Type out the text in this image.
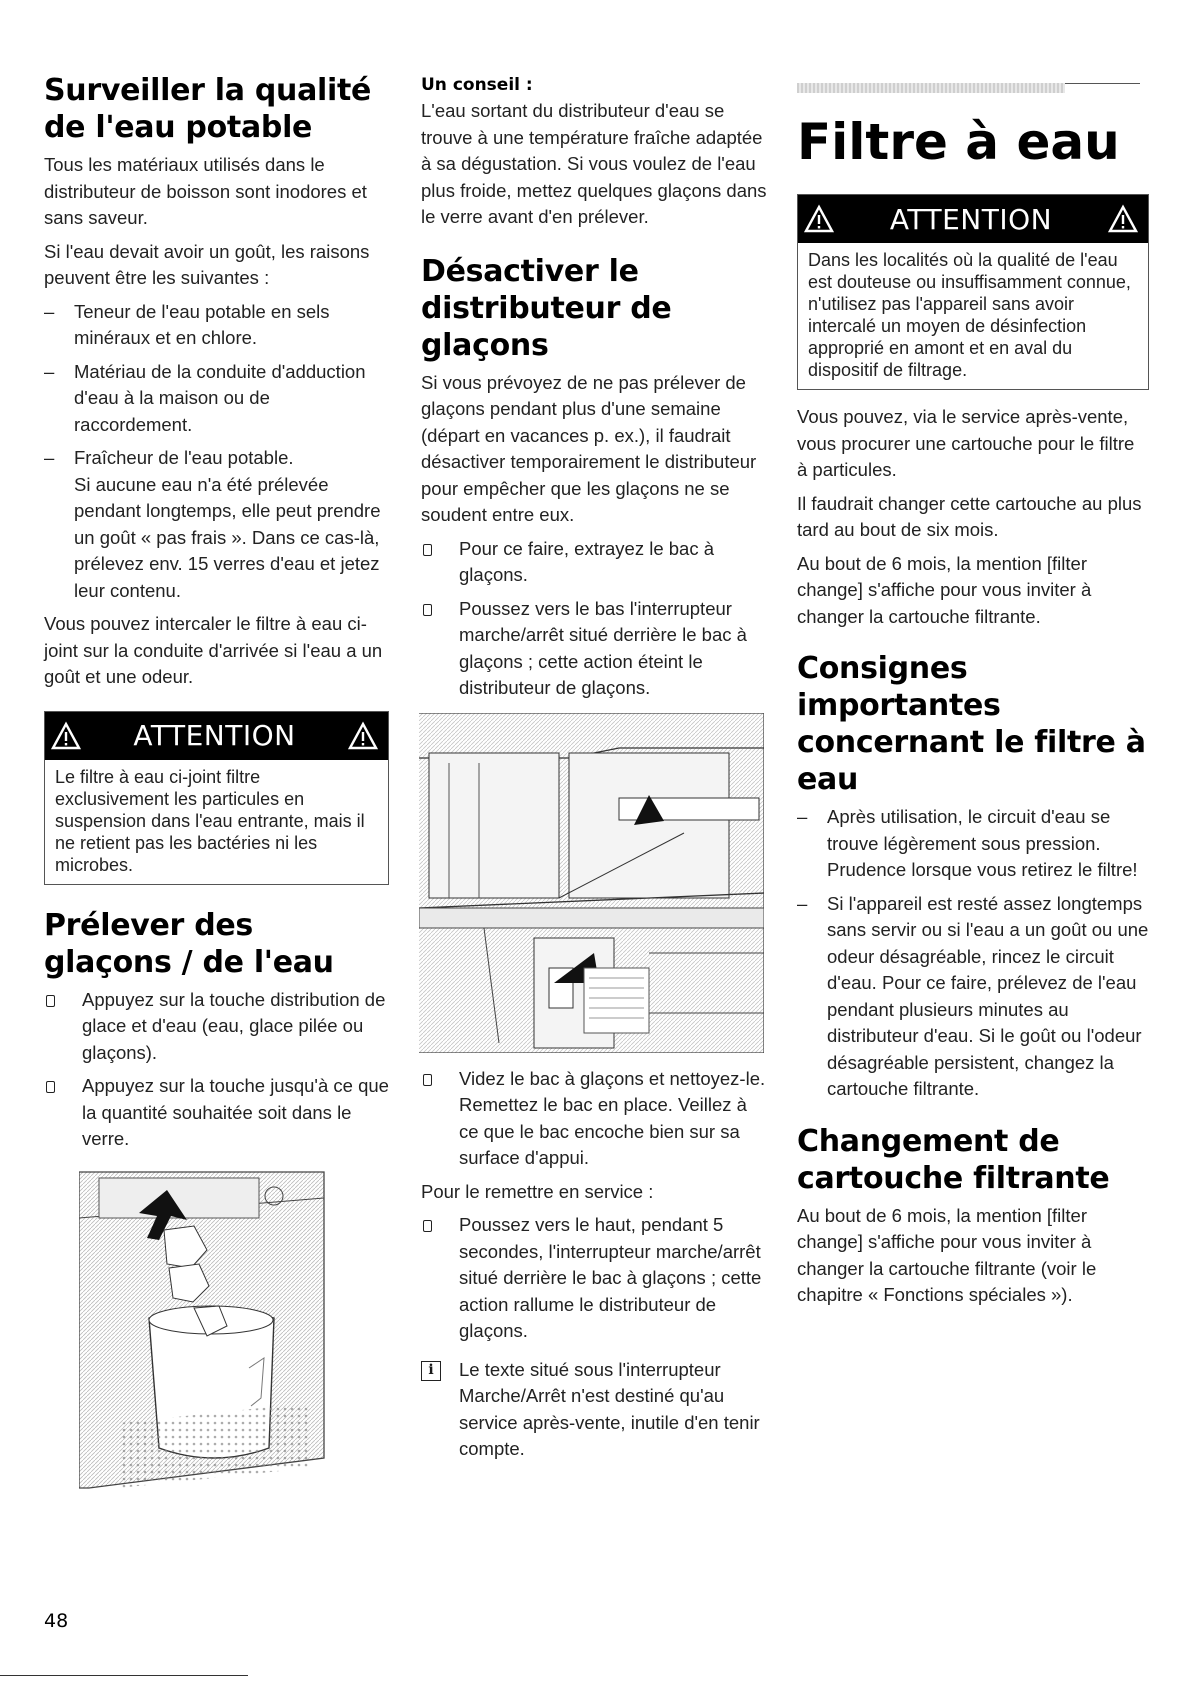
Surveiller la qualité de l'eau potable

Tous les matériaux utilisés dans le distributeur de boisson sont inodores et sans saveur.

Si l'eau devait avoir un goût, les raisons peuvent être les suivantes :

– Teneur de l'eau potable en sels minéraux et en chlore.
– Matériau de la conduite d'adduction d'eau à la maison ou de raccordement.
– Fraîcheur de l'eau potable.
Si aucune eau n'a été prélevée pendant longtemps, elle peut prendre un goût « pas frais ». Dans ce cas-là, prélevez env. 15 verres d'eau et jetez leur contenu.

Vous pouvez intercaler le filtre à eau ci-joint sur la conduite d'arrivée si l'eau a un goût et une odeur.

ATTENTION
Le filtre à eau ci-joint filtre exclusivement les particules en suspension dans l'eau entrante, mais il ne retient pas les bactéries ni les microbes.
Prélever des glaçons / de l'eau
Appuyez sur la touche distribution de glace et d'eau (eau, glace pilée ou glaçons).
Appuyez sur la touche jusqu'à ce que la quantité souhaitée soit dans le verre.
Un conseil :

L'eau sortant du distributeur d'eau se trouve à une température fraîche adaptée à sa dégustation. Si vous voulez de l'eau plus froide, mettez quelques glaçons dans le verre avant d'en prélever.

Désactiver le distributeur de glaçons

Si vous prévoyez de ne pas prélever de glaçons pendant plus d'une semaine (départ en vacances p. ex.), il faudrait désactiver temporairement le distributeur pour empêcher que les glaçons ne se soudent entre eux.

Pour ce faire, extrayez le bac à glaçons.
Poussez vers le bas l'interrupteur marche/arrêt situé derrière le bac à glaçons ; cette action éteint le distributeur de glaçons.
Videz le bac à glaçons et nettoyez-le. Remettez le bac en place. Veillez à ce que le bac encoche bien sur sa surface d'appui.

Pour le remettre en service :

Poussez vers le haut, pendant 5 secondes, l'interrupteur marche/arrêt situé derrière le bac à glaçons ; cette action rallume le distributeur de glaçons.
i	Le texte situé sous l'interrupteur Marche/Arrêt n'est destiné qu'au service après-vente, inutile d'en tenir compte.

Filtre à eau
ATTENTION
Dans les localités où la qualité de l'eau est douteuse ou insuffisamment connue, n'utilisez pas l'appareil sans avoir intercalé un moyen de désinfection approprié en amont et en aval du dispositif de filtrage.

Vous pouvez, via le service après-vente, vous procurer une cartouche pour le filtre à particules.

Il faudrait changer cette cartouche au plus tard au bout de six mois.

Au bout de 6 mois, la mention [filter change] s'affiche pour vous inviter à changer la cartouche filtrante.

Consignes importantes concernant le filtre à eau
– Après utilisation, le circuit d'eau se trouve légèrement sous pression. Prudence lorsque vous retirez le filtre!
– Si l'appareil est resté assez longtemps sans servir ou si l'eau a un goût ou une odeur désagréable, rincez le circuit d'eau. Pour ce faire, prélevez de l'eau pendant plusieurs minutes au distributeur d'eau. Si le goût ou l'odeur désagréable persistent, changez la cartouche filtrante.
Changement de cartouche filtrante

Au bout de 6 mois, la mention [filter change] s'affiche pour vous inviter à changer la cartouche filtrante (voir le chapitre « Fonctions spéciales »).

48
